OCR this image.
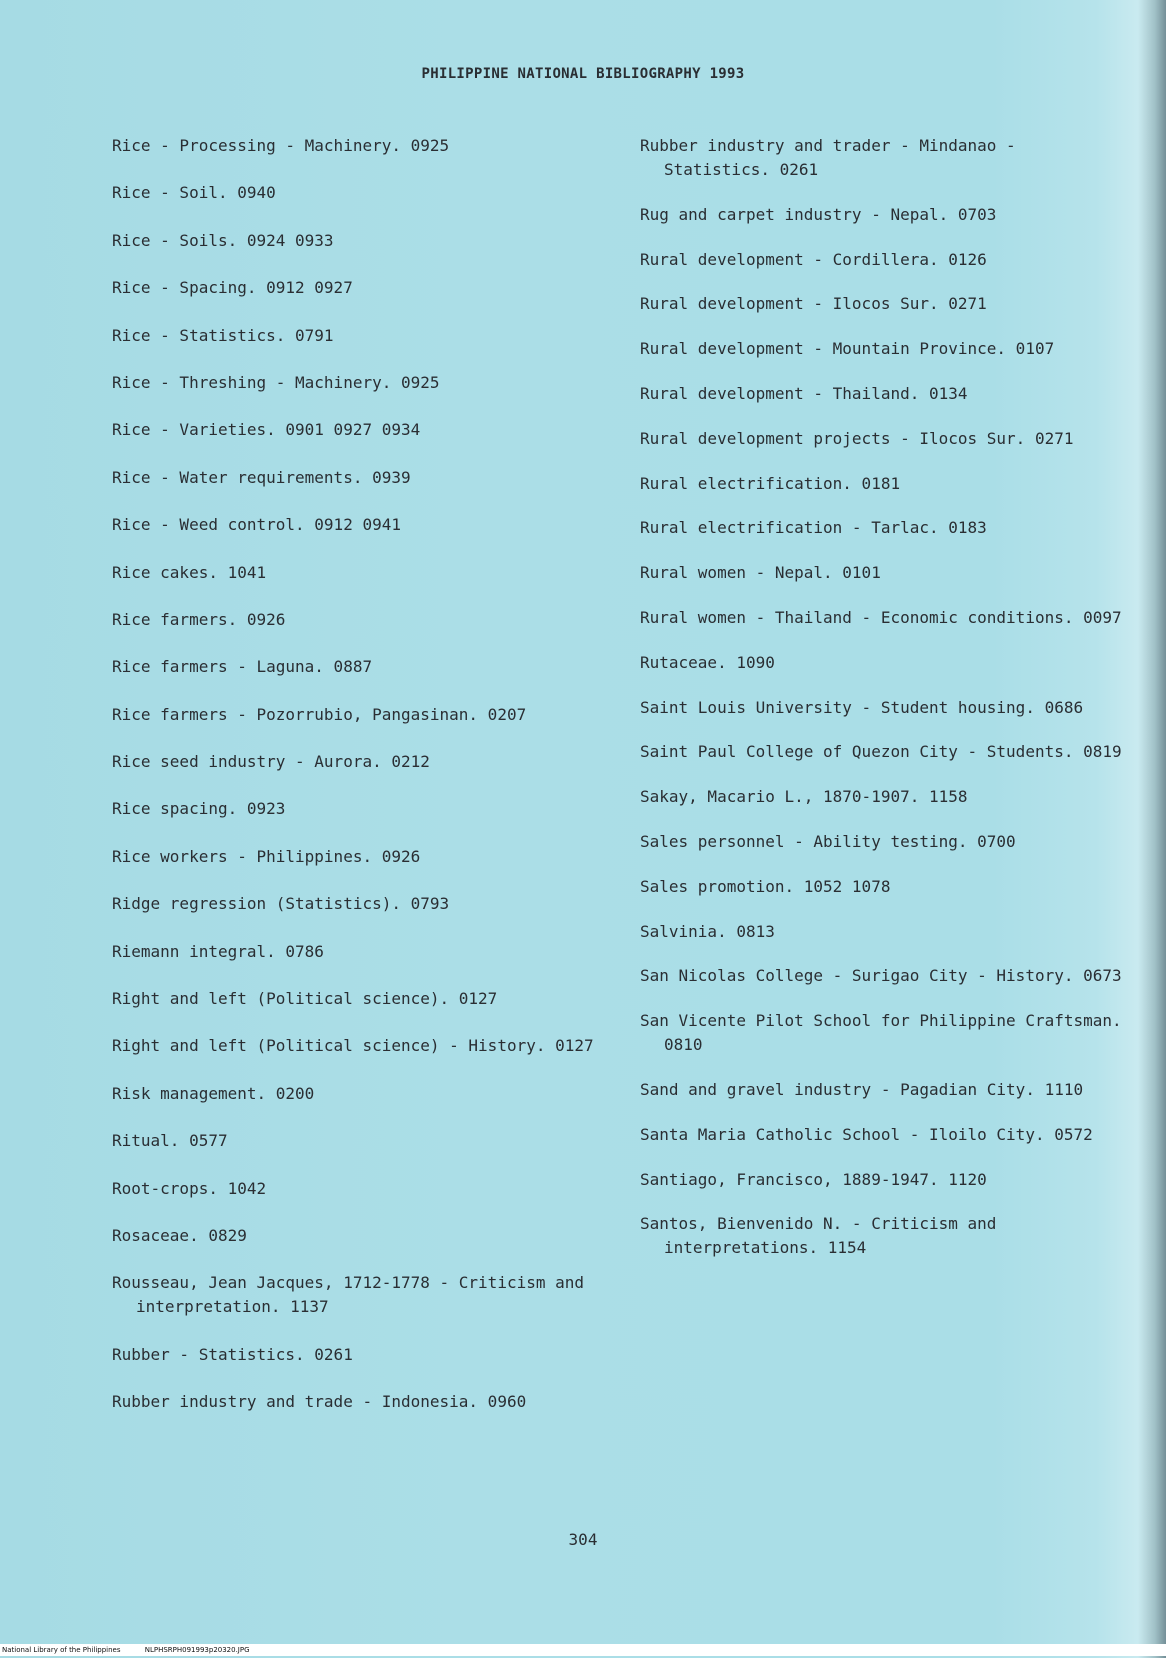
PHILIPPINE NATIONAL BIBLIOGRAPHY 1993
Rice - Processing - Machinery. 0925
Rice - Soil. 0940
Rice - Soils. 0924 0933
Rice - Spacing. 0912 0927
Rice - Statistics. 0791
Rice - Threshing - Machinery. 0925
Rice - Varieties. 0901 0927 0934
Rice - Water requirements. 0939
Rice - Weed control. 0912 0941
Rice cakes. 1041
Rice farmers. 0926
Rice farmers - Laguna. 0887
Rice farmers - Pozorrubio, Pangasinan. 0207
Rice seed industry - Aurora. 0212
Rice spacing. 0923
Rice workers - Philippines. 0926
Ridge regression (Statistics). 0793
Riemann integral. 0786
Right and left (Political science). 0127
Right and left (Political science) - History. 0127
Risk management. 0200
Ritual. 0577
Root-crops. 1042
Rosaceae. 0829
Rousseau, Jean Jacques, 1712-1778 - Criticism and interpretation. 1137
Rubber - Statistics. 0261
Rubber industry and trade - Indonesia. 0960
Rubber industry and trader - Mindanao - Statistics. 0261
Rug and carpet industry - Nepal. 0703
Rural development - Cordillera. 0126
Rural development - Ilocos Sur. 0271
Rural development - Mountain Province. 0107
Rural development - Thailand. 0134
Rural development projects - Ilocos Sur. 0271
Rural electrification. 0181
Rural electrification - Tarlac. 0183
Rural women - Nepal. 0101
Rural women - Thailand - Economic conditions. 0097
Rutaceae. 1090
Saint Louis University - Student housing. 0686
Saint Paul College of Quezon City - Students. 0819
Sakay, Macario L., 1870-1907. 1158
Sales personnel - Ability testing. 0700
Sales promotion. 1052 1078
Salvinia. 0813
San Nicolas College - Surigao City - History. 0673
San Vicente Pilot School for Philippine Craftsman. 0810
Sand and gravel industry - Pagadian City. 1110
Santa Maria Catholic School - Iloilo City. 0572
Santiago, Francisco, 1889-1947. 1120
Santos, Bienvenido N. - Criticism and interpretations. 1154
304
National Library of the Philippines	NLPHSRPH091993p20320.JPG
